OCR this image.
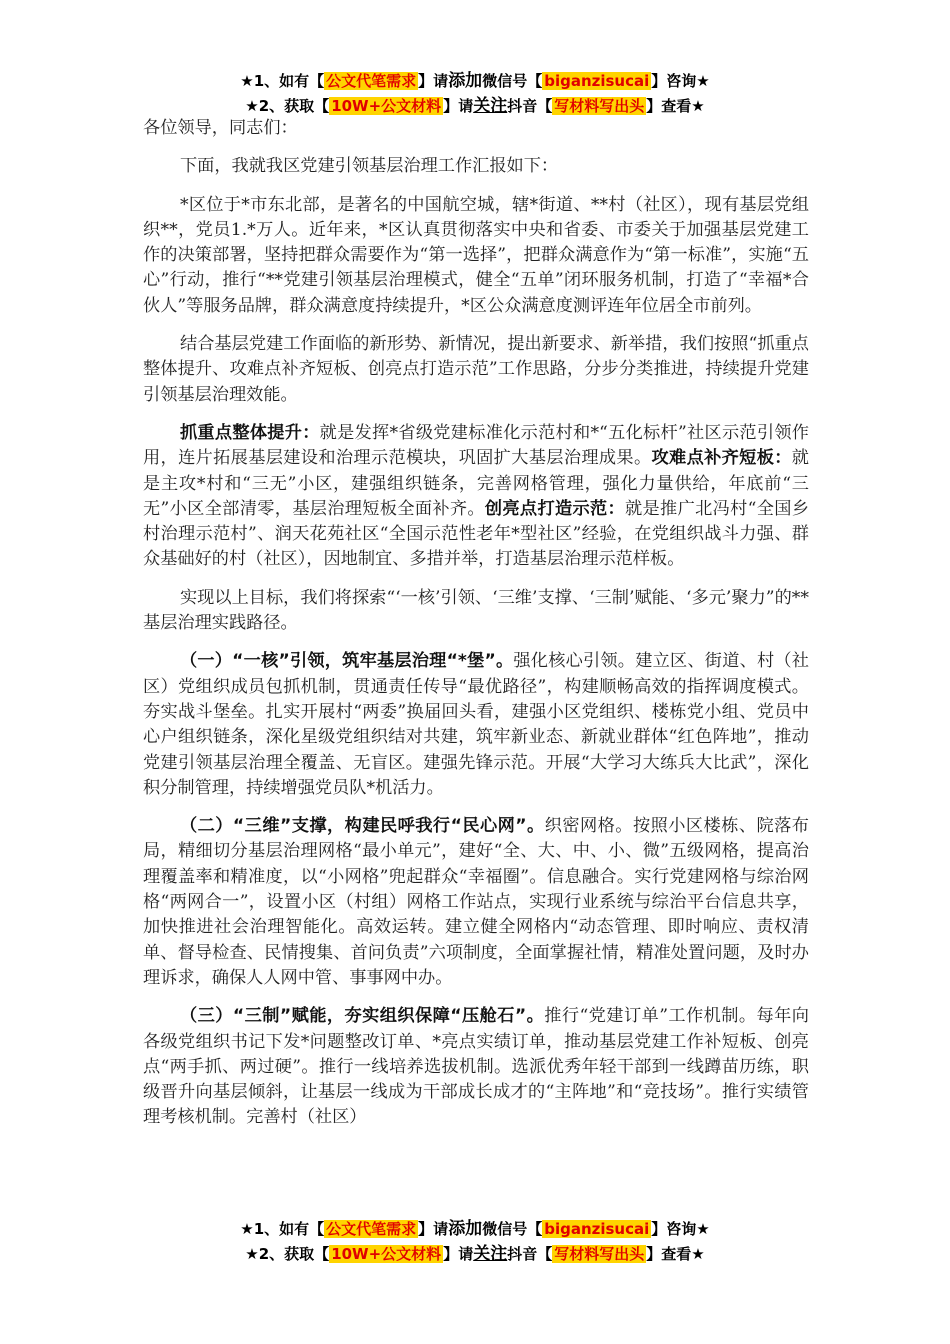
★1、如有【 公文代笔需求 】请添加微信号【 biganzisucai 】咨询★
★2、获取【 10W+公文材料 】请关注抖音【 写材料写出头 】查看★

各位领导，同志们：

下面，我就我区党建引领基层治理工作汇报如下：

*区位于*市东北部，是著名的中国航空城，辖*街道、**村（社区），现有基层党组织**，党员1.*万人。近年来，*区认真贯彻落实中央和省委、市委关于加强基层党建工作的决策部署，坚持把群众需要作为“第一选择”，把群众满意作为“第一标准”，实施“五心”行动，推行“**党建引领基层治理模式，健全“五单”闭环服务机制，打造了“幸福*合伙人”等服务品牌，群众满意度持续提升，*区公众满意度测评连年位居全市前列。

结合基层党建工作面临的新形势、新情况，提出新要求、新举措，我们按照“抓重点整体提升、攻难点补齐短板、创亮点打造示范”工作思路，分步分类推进，持续提升党建引领基层治理效能。

抓重点整体提升：就是发挥*省级党建标准化示范村和*“五化标杆”社区示范引领作用，连片拓展基层建设和治理示范模块，巩固扩大基层治理成果。攻难点补齐短板：就是主攻*村和“三无”小区，建强组织链条，完善网格管理，强化力量供给，年底前“三无”小区全部清零，基层治理短板全面补齐。创亮点打造示范：就是推广北冯村“全国乡村治理示范村”、润天花苑社区“全国示范性老年*型社区”经验，在党组织战斗力强、群众基础好的村（社区），因地制宜、多措并举，打造基层治理示范样板。

实现以上目标，我们将探索“‘一核’引领、‘三维’支撑、‘三制’赋能、‘多元’聚力”的**基层治理实践路径。

（一）“一核”引领，筑牢基层治理“*堡”。强化核心引领。建立区、街道、村（社区）党组织成员包抓机制，贯通责任传导“最优路径”，构建顺畅高效的指挥调度模式。夯实战斗堡垒。扎实开展村“两委”换届回头看，建强小区党组织、楼栋党小组、党员中心户组织链条，深化星级党组织结对共建，筑牢新业态、新就业群体“红色阵地”，推动党建引领基层治理全覆盖、无盲区。建强先锋示范。开展“大学习大练兵大比武”，深化积分制管理，持续增强党员队*机活力。

（二）“三维”支撑，构建民呼我行“民心网”。织密网格。按照小区楼栋、院落布局，精细切分基层治理网格“最小单元”，建好“全、大、中、小、微”五级网格，提高治理覆盖率和精准度，以“小网格”兜起群众“幸福圈”。信息融合。实行党建网格与综治网格“两网合一”，设置小区（村组）网格工作站点，实现行业系统与综治平台信息共享，加快推进社会治理智能化。高效运转。建立健全网格内“动态管理、即时响应、责权清单、督导检查、民情搜集、首问负责”六项制度，全面掌握社情，精准处置问题，及时办理诉求，确保人人网中管、事事网中办。

（三）“三制”赋能，夯实组织保障“压舱石”。推行“党建订单”工作机制。每年向各级党组织书记下发*问题整改订单、*亮点实绩订单，推动基层党建工作补短板、创亮点“两手抓、两过硬”。推行一线培养选拔机制。选派优秀年轻干部到一线蹲苗历练，职级晋升向基层倾斜，让基层一线成为干部成长成才的“主阵地”和“竞技场”。推行实绩管理考核机制。完善村（社区）

★1、如有【 公文代笔需求 】请添加微信号【 biganzisucai 】咨询★
★2、获取【 10W+公文材料 】请关注抖音【 写材料写出头 】查看★
